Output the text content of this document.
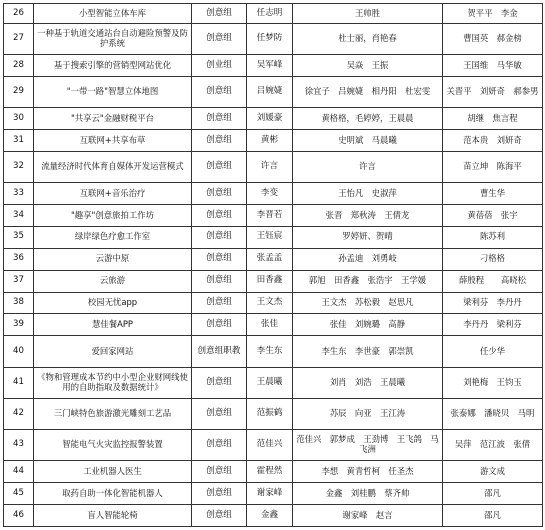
26	小型智能立体车库	创意组	任志明	王帅胜	贺平平　李金
27	一种基于轨道交通站台自动避险预警及防护系统	创意组	任梦防	杜士丽，肖艳春	曹国英　郝金榜
28	基于搜索引擎的营销型网站优化	创业组	吴军峰	吴焱　王振	王国维　马华敏
29	"一带一路"智慧立体地图	创意组	吕婉婕	徐宜子　吕婉婕　相丹阳　杜宏雯	关晋平　刘妍奇　郝参男
30	"共享云"金融财税平台	创意组	刘媛豪	黄格格，毛婷婷，王晨晨	胡继　焦言程
31	互联网+共享布草	创意组	黄彬	史明斌　马晨曦	范本贵　刘妍奇
32	流量经济时代体育自媒体开发运营模式	创意组	许言	许言	苗立坤　陈海平
33	互联网+音乐治疗	创意组	李变	王怡凡　史淑萍	曹生华
34	"趣享"创意旅拍工作坊	创意组	李晋若	张晋　郑秋涛　王倩龙	黄蓓蓓　张宇
35	绿岸绿色疗愈工作室	创意组	王钰宸	罗婷妍、贺晴	陈苏利
36	云游中原	创意组	张孟孟	孙孟迪　刘勇岐	刁格格
37	云旅游	创意组	田香鑫	郭旭　田香鑫　张浩宇　王学媛	薛殷程　　高晓松
38	校园无忧app	创意组	王文杰	王文杰　苏松毅　赵思凡	梁利芬　李丹丹
39	慧佳餐APP	创意组	张佳	张佳　刘婉璐　高静	李丹丹　梁利芬
40	爱回家网站	创意组职教	李生东	李生东　李世豪　郭崇凯	任少华
41	《物和管理成本节约中小型企业财网线使用的自助指取及数据统计》	创意组	王晨曦	刘肖　刘浩　王晨曦	刘艳梅　王钧玉
42	三门峡特色旅游激光雕刻工艺品	创意组	范振鹤	苏辰　向亚　王江涛	张泰娜　潘晓贝　马明
43	智能电气火灾监控报警装置	创意组	范佳兴	范佳兴　郭梦成　王劲博　王飞鸽　马飞洲	吴萍　范江波　张倩
44	工业机器人医生	创意组	霍程然	李想　黄青哲柯　任圣杰	游文成
45	取药自助一体化智能机器人	创意组	谢家峰	金鑫　刘桂鹏　蔡齐帅	邵凡
46	盲人智能轮椅	创意组	金鑫	谢家峰　赵言	邵凡
